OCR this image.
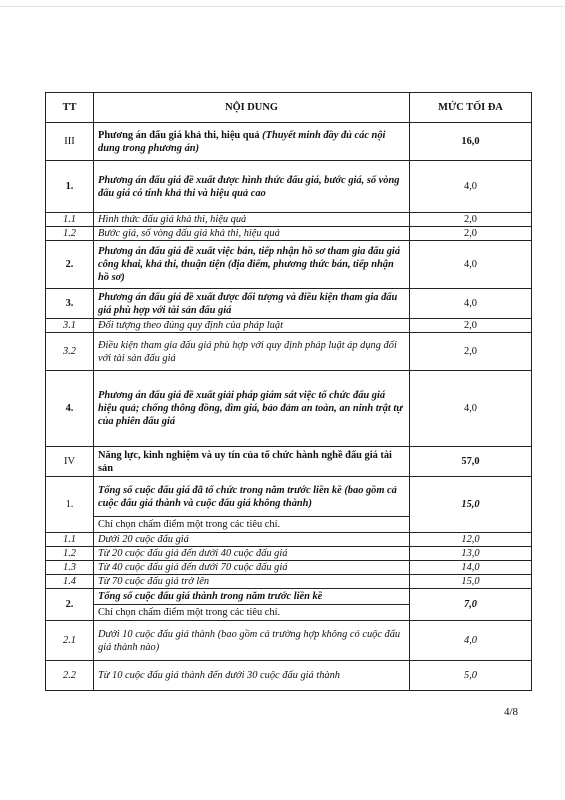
TT	NỘI DUNG	MỨC TỐI ĐA
III	Phương án đấu giá khả thi, hiệu quả (Thuyết minh đầy đủ các nội dung trong phương án)	16,0
1.	Phương án đấu giá đề xuất được hình thức đấu giá, bước giá, số vòng đấu giá có tính khả thi và hiệu quả cao	4,0
1.1	Hình thức đấu giá khả thi, hiệu quả	2,0
1.2	Bước giá, số vòng đấu giá khả thi, hiệu quả	2,0
2.	Phương án đấu giá đề xuất việc bán, tiếp nhận hồ sơ tham gia đấu giá công khai, khả thi, thuận tiện (địa điểm, phương thức bán, tiếp nhận hồ sơ)	4,0
3.	Phương án đấu giá đề xuất được đối tượng và điều kiện tham gia đấu giá phù hợp với tài sản đấu giá	4,0
3.1	Đối tượng theo đúng quy định của pháp luật	2,0
3.2	Điều kiện tham gia đấu giá phù hợp với quy định pháp luật áp dụng đối với tài sản đấu giá	2,0
4.	Phương án đấu giá đề xuất giải pháp giám sát việc tổ chức đấu giá hiệu quả; chống thông đồng, dìm giá, bảo đảm an toàn, an ninh trật tự của phiên đấu giá	4,0
IV	Năng lực, kinh nghiệm và uy tín của tổ chức hành nghề đấu giá tài sản	57,0
1.	Tổng số cuộc đấu giá đã tổ chức trong năm trước liền kề (bao gồm cả cuộc đấu giá thành và cuộc đấu giá không thành)	15,0
	Chỉ chọn chấm điểm một trong các tiêu chí.	
1.1	Dưới 20 cuộc đấu giá	12,0
1.2	Từ 20 cuộc đấu giá đến dưới 40 cuộc đấu giá	13,0
1.3	Từ 40 cuộc đấu giá đến dưới 70 cuộc đấu giá	14,0
1.4	Từ 70 cuộc đấu giá trở lên	15,0
2.	Tổng số cuộc đấu giá thành trong năm trước liền kề	7,0
	Chỉ chọn chấm điểm một trong các tiêu chí.	
2.1	Dưới 10 cuộc đấu giá thành (bao gồm cả trường hợp không có cuộc đấu giá thành nào)	4,0
2.2	Từ 10 cuộc đấu giá thành đến dưới 30 cuộc đấu giá thành	5,0
4/8
